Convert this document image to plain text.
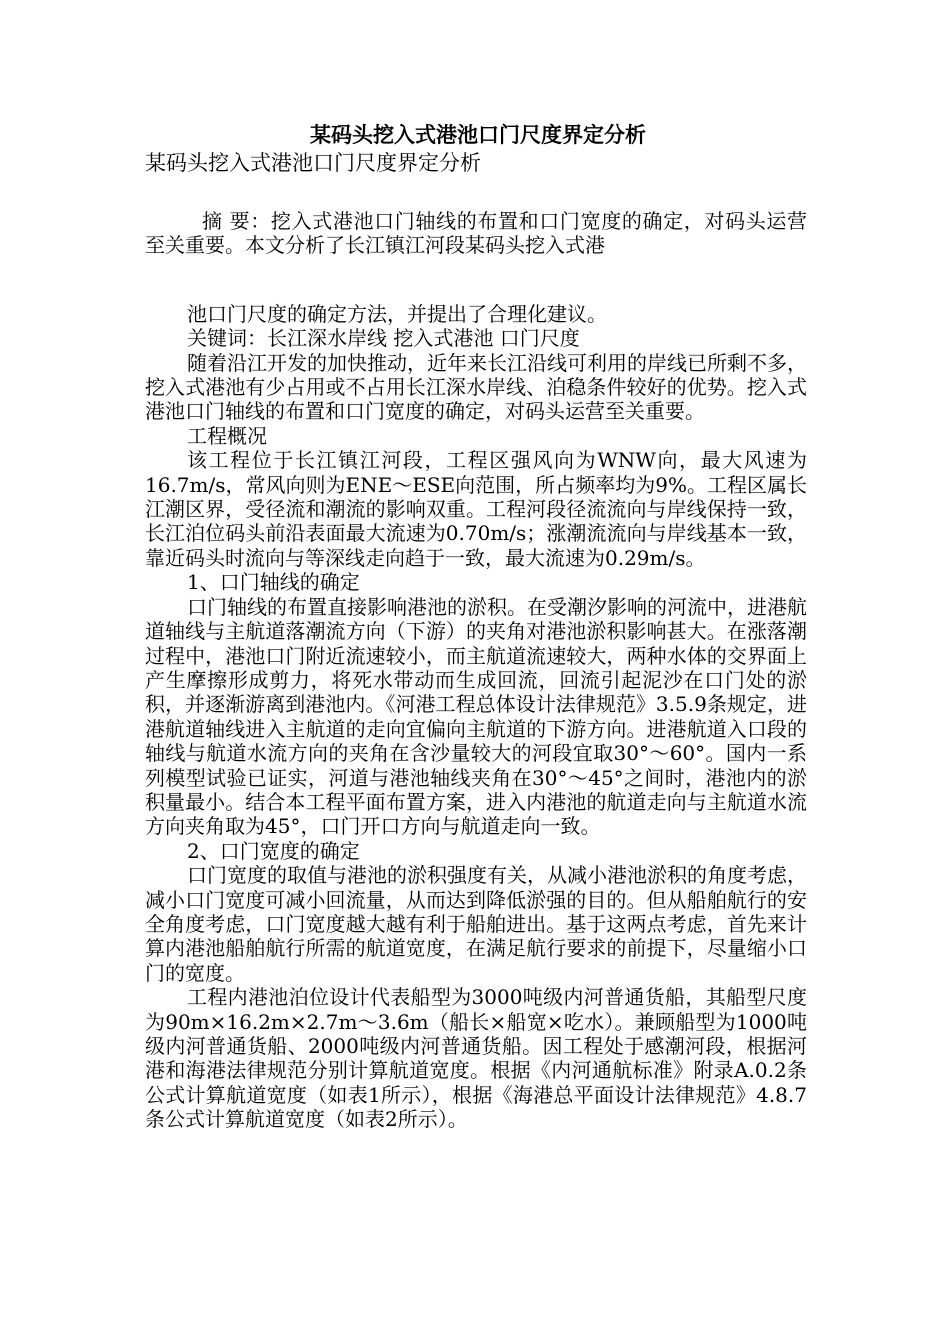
某码头挖入式港池口门尺度界定分析

某码头挖入式港池口门尺度界定分析

摘 要：挖入式港池口门轴线的布置和口门宽度的确定，对码头运营至关重要。本文分析了长江镇江河段某码头挖入式港

池口门尺度的确定方法，并提出了合理化建议。

关键词：长江深水岸线 挖入式港池 口门尺度

随着沿江开发的加快推动，近年来长江沿线可利用的岸线已所剩不多，挖入式港池有少占用或不占用长江深水岸线、泊稳条件较好的优势。挖入式港池口门轴线的布置和口门宽度的确定，对码头运营至关重要。

工程概况

该工程位于长江镇江河段，工程区强风向为WNW向，最大风速为16.7m/s，常风向则为ENE～ESE向范围，所占频率均为9%。工程区属长江潮区界，受径流和潮流的影响双重。工程河段径流流向与岸线保持一致，长江泊位码头前沿表面最大流速为0.70m/s；涨潮流流向与岸线基本一致，靠近码头时流向与等深线走向趋于一致，最大流速为0.29m/s。

1、口门轴线的确定

口门轴线的布置直接影响港池的淤积。在受潮汐影响的河流中，进港航道轴线与主航道落潮流方向（下游）的夹角对港池淤积影响甚大。在涨落潮过程中，港池口门附近流速较小，而主航道流速较大，两种水体的交界面上产生摩擦形成剪力，将死水带动而生成回流，回流引起泥沙在口门处的淤积，并逐渐游离到港池内。《河港工程总体设计法律规范》3.5.9条规定，进港航道轴线进入主航道的走向宜偏向主航道的下游方向。进港航道入口段的轴线与航道水流方向的夹角在含沙量较大的河段宜取30°～60°。国内一系列模型试验已证实，河道与港池轴线夹角在30°～45°之间时，港池内的淤积量最小。结合本工程平面布置方案，进入内港池的航道走向与主航道水流方向夹角取为45°，口门开口方向与航道走向一致。

2、口门宽度的确定

口门宽度的取值与港池的淤积强度有关，从减小港池淤积的角度考虑，减小口门宽度可减小回流量，从而达到降低淤强的目的。但从船舶航行的安全角度考虑，口门宽度越大越有利于船舶进出。基于这两点考虑，首先来计算内港池船舶航行所需的航道宽度，在满足航行要求的前提下，尽量缩小口门的宽度。

工程内港池泊位设计代表船型为3000吨级内河普通货船，其船型尺度为90m×16.2m×2.7m～3.6m（船长×船宽×吃水）。兼顾船型为1000吨级内河普通货船、2000吨级内河普通货船。因工程处于感潮河段，根据河港和海港法律规范分别计算航道宽度。根据《内河通航标准》附录A.0.2条公式计算航道宽度（如表1所示），根据《海港总平面设计法律规范》4.8.7条公式计算航道宽度（如表2所示）。
